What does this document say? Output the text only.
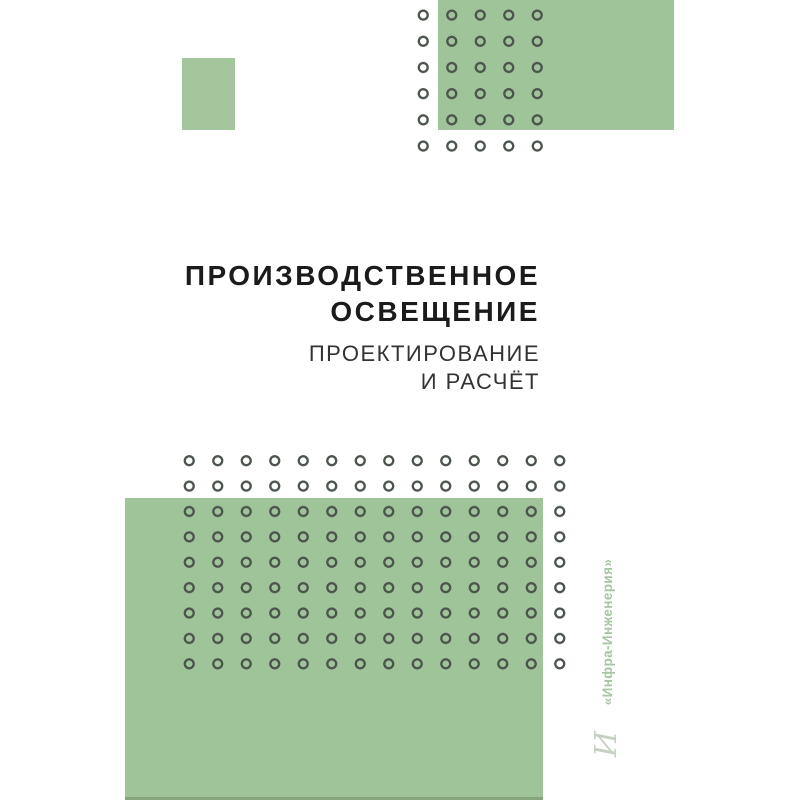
ПРОИЗВОДСТВЕННОЕ
ОСВЕЩЕНИЕ
ПРОЕКТИРОВАНИЕ
И РАСЧЁТ
«Инфра-Инженерия»
И
